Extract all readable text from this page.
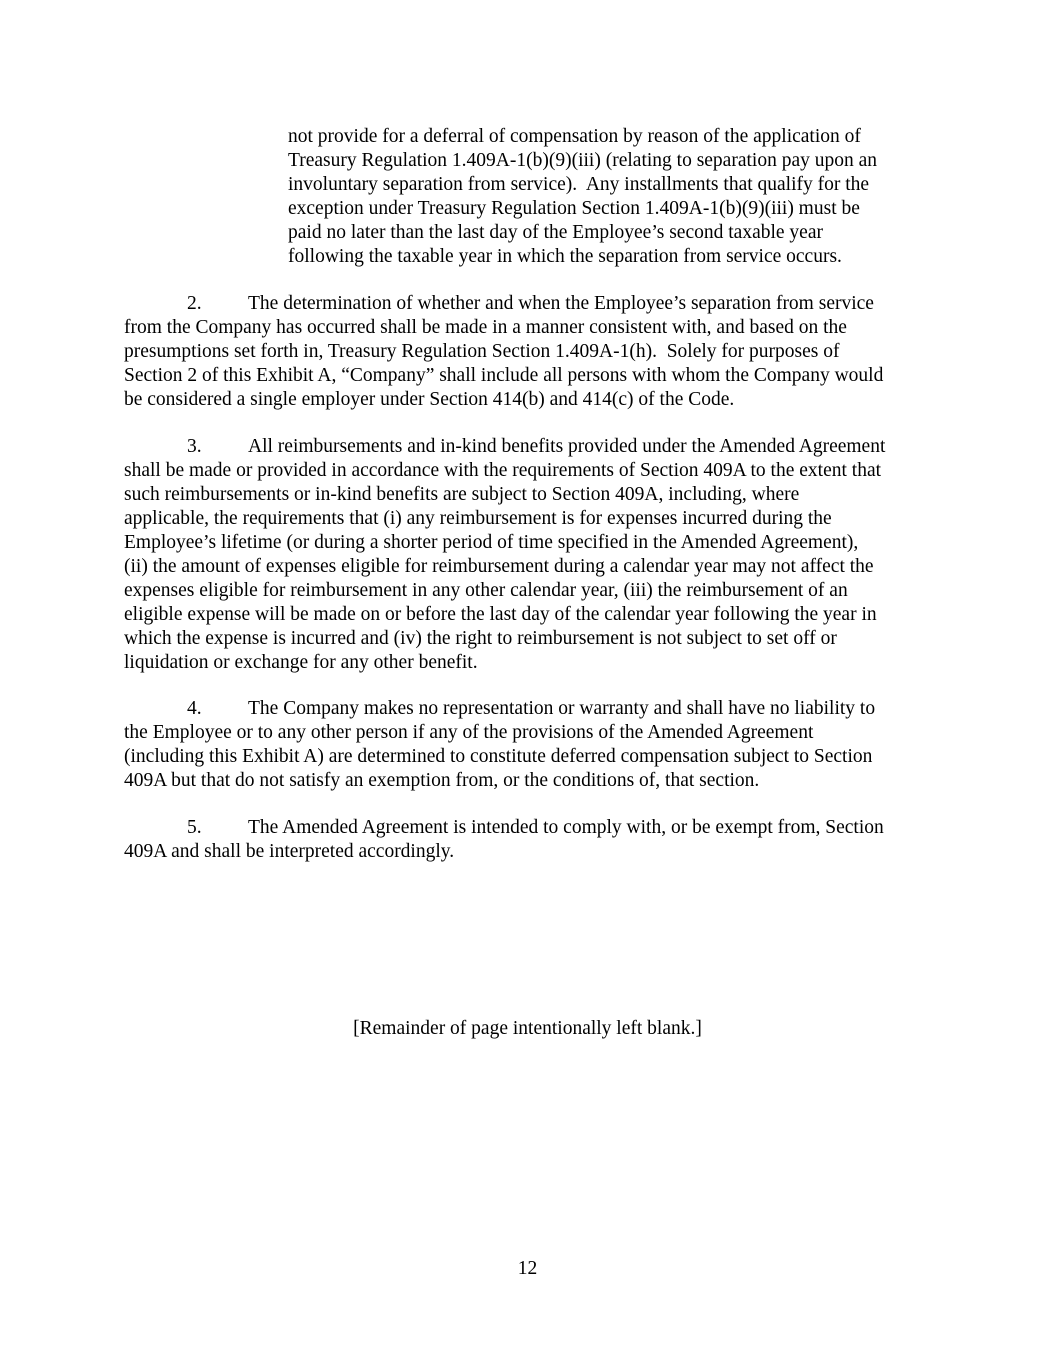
not provide for a deferral of compensation by reason of the application of
Treasury Regulation 1.409A-1(b)(9)(iii) (relating to separation pay upon an
involuntary separation from service).  Any installments that qualify for the
exception under Treasury Regulation Section 1.409A-1(b)(9)(iii) must be
paid no later than the last day of the Employee’s second taxable year
following the taxable year in which the separation from service occurs.
2. The determination of whether and when the Employee’s separation from service
from the Company has occurred shall be made in a manner consistent with, and based on the
presumptions set forth in, Treasury Regulation Section 1.409A-1(h).  Solely for purposes of
Section 2 of this Exhibit A, “Company” shall include all persons with whom the Company would
be considered a single employer under Section 414(b) and 414(c) of the Code.
3. All reimbursements and in-kind benefits provided under the Amended Agreement
shall be made or provided in accordance with the requirements of Section 409A to the extent that
such reimbursements or in-kind benefits are subject to Section 409A, including, where
applicable, the requirements that (i) any reimbursement is for expenses incurred during the
Employee’s lifetime (or during a shorter period of time specified in the Amended Agreement),
(ii) the amount of expenses eligible for reimbursement during a calendar year may not affect the
expenses eligible for reimbursement in any other calendar year, (iii) the reimbursement of an
eligible expense will be made on or before the last day of the calendar year following the year in
which the expense is incurred and (iv) the right to reimbursement is not subject to set off or
liquidation or exchange for any other benefit.
4. The Company makes no representation or warranty and shall have no liability to
the Employee or to any other person if any of the provisions of the Amended Agreement
(including this Exhibit A) are determined to constitute deferred compensation subject to Section
409A but that do not satisfy an exemption from, or the conditions of, that section.
5. The Amended Agreement is intended to comply with, or be exempt from, Section
409A and shall be interpreted accordingly.
[Remainder of page intentionally left blank.]
12
